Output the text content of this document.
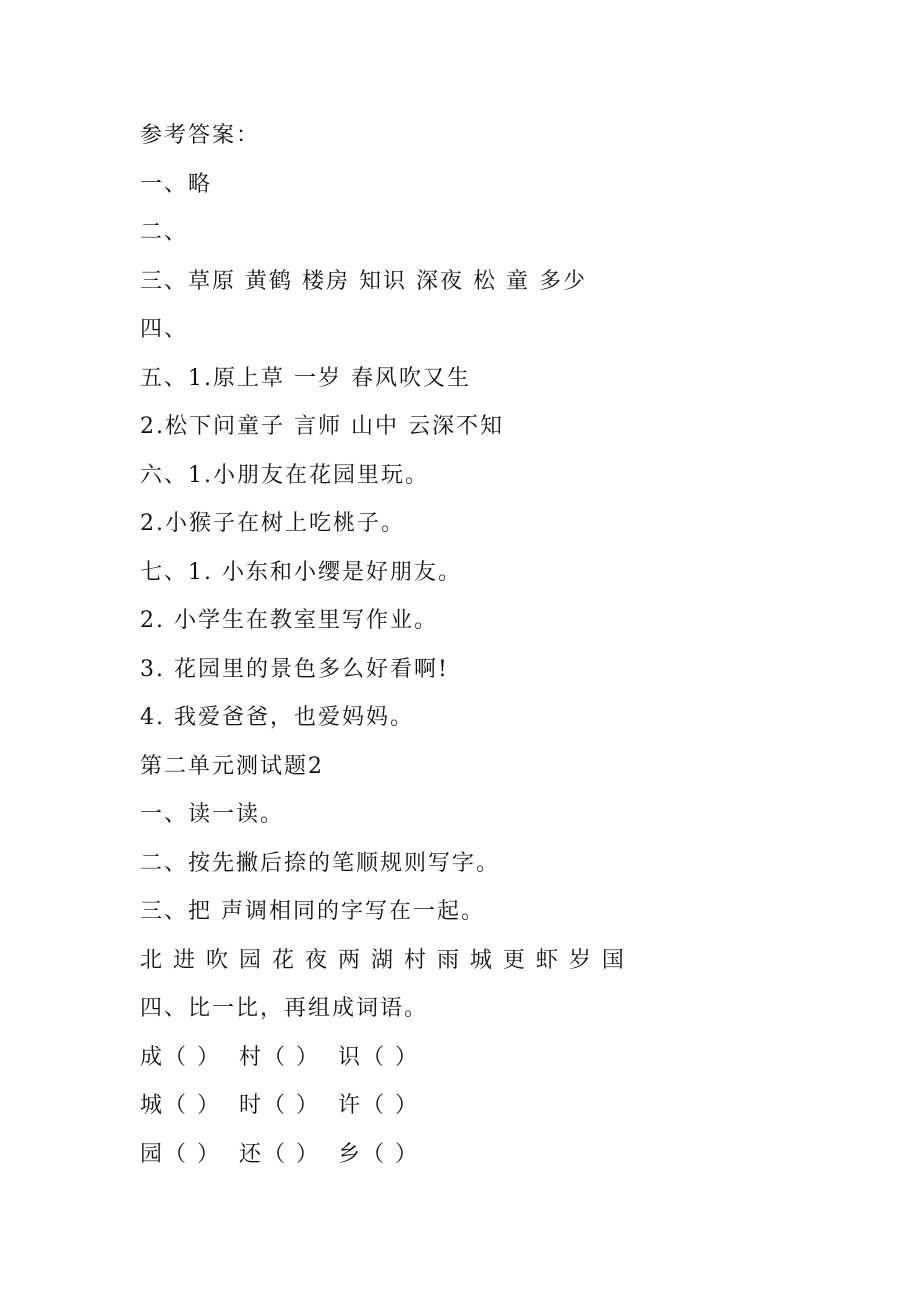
参考答案：
一、略
二、
三、草原 黄鹤 楼房 知识 深夜 松 童 多少
四、
五、1.原上草 一岁 春风吹又生
2.松下问童子 言师 山中 云深不知
六、1.小朋友在花园里玩。
2.小猴子在树上吃桃子。
七、1. 小东和小缨是好朋友。
2. 小学生在教室里写作业。
3. 花园里的景色多么好看啊!
4. 我爱爸爸，也爱妈妈。
第二单元测试题2
一、读一读。
二、按先撇后捺的笔顺规则写字。
三、把 声调相同的字写在一起。
北 进 吹 园 花 夜 两 湖 村 雨 城 更 虾 岁 国
四、比一比，再组成词语。
成（ ）  村（ ）  识（ ）
城（ ）  时（ ）  许（ ）
园（ ）  还（ ）  乡（ ）
